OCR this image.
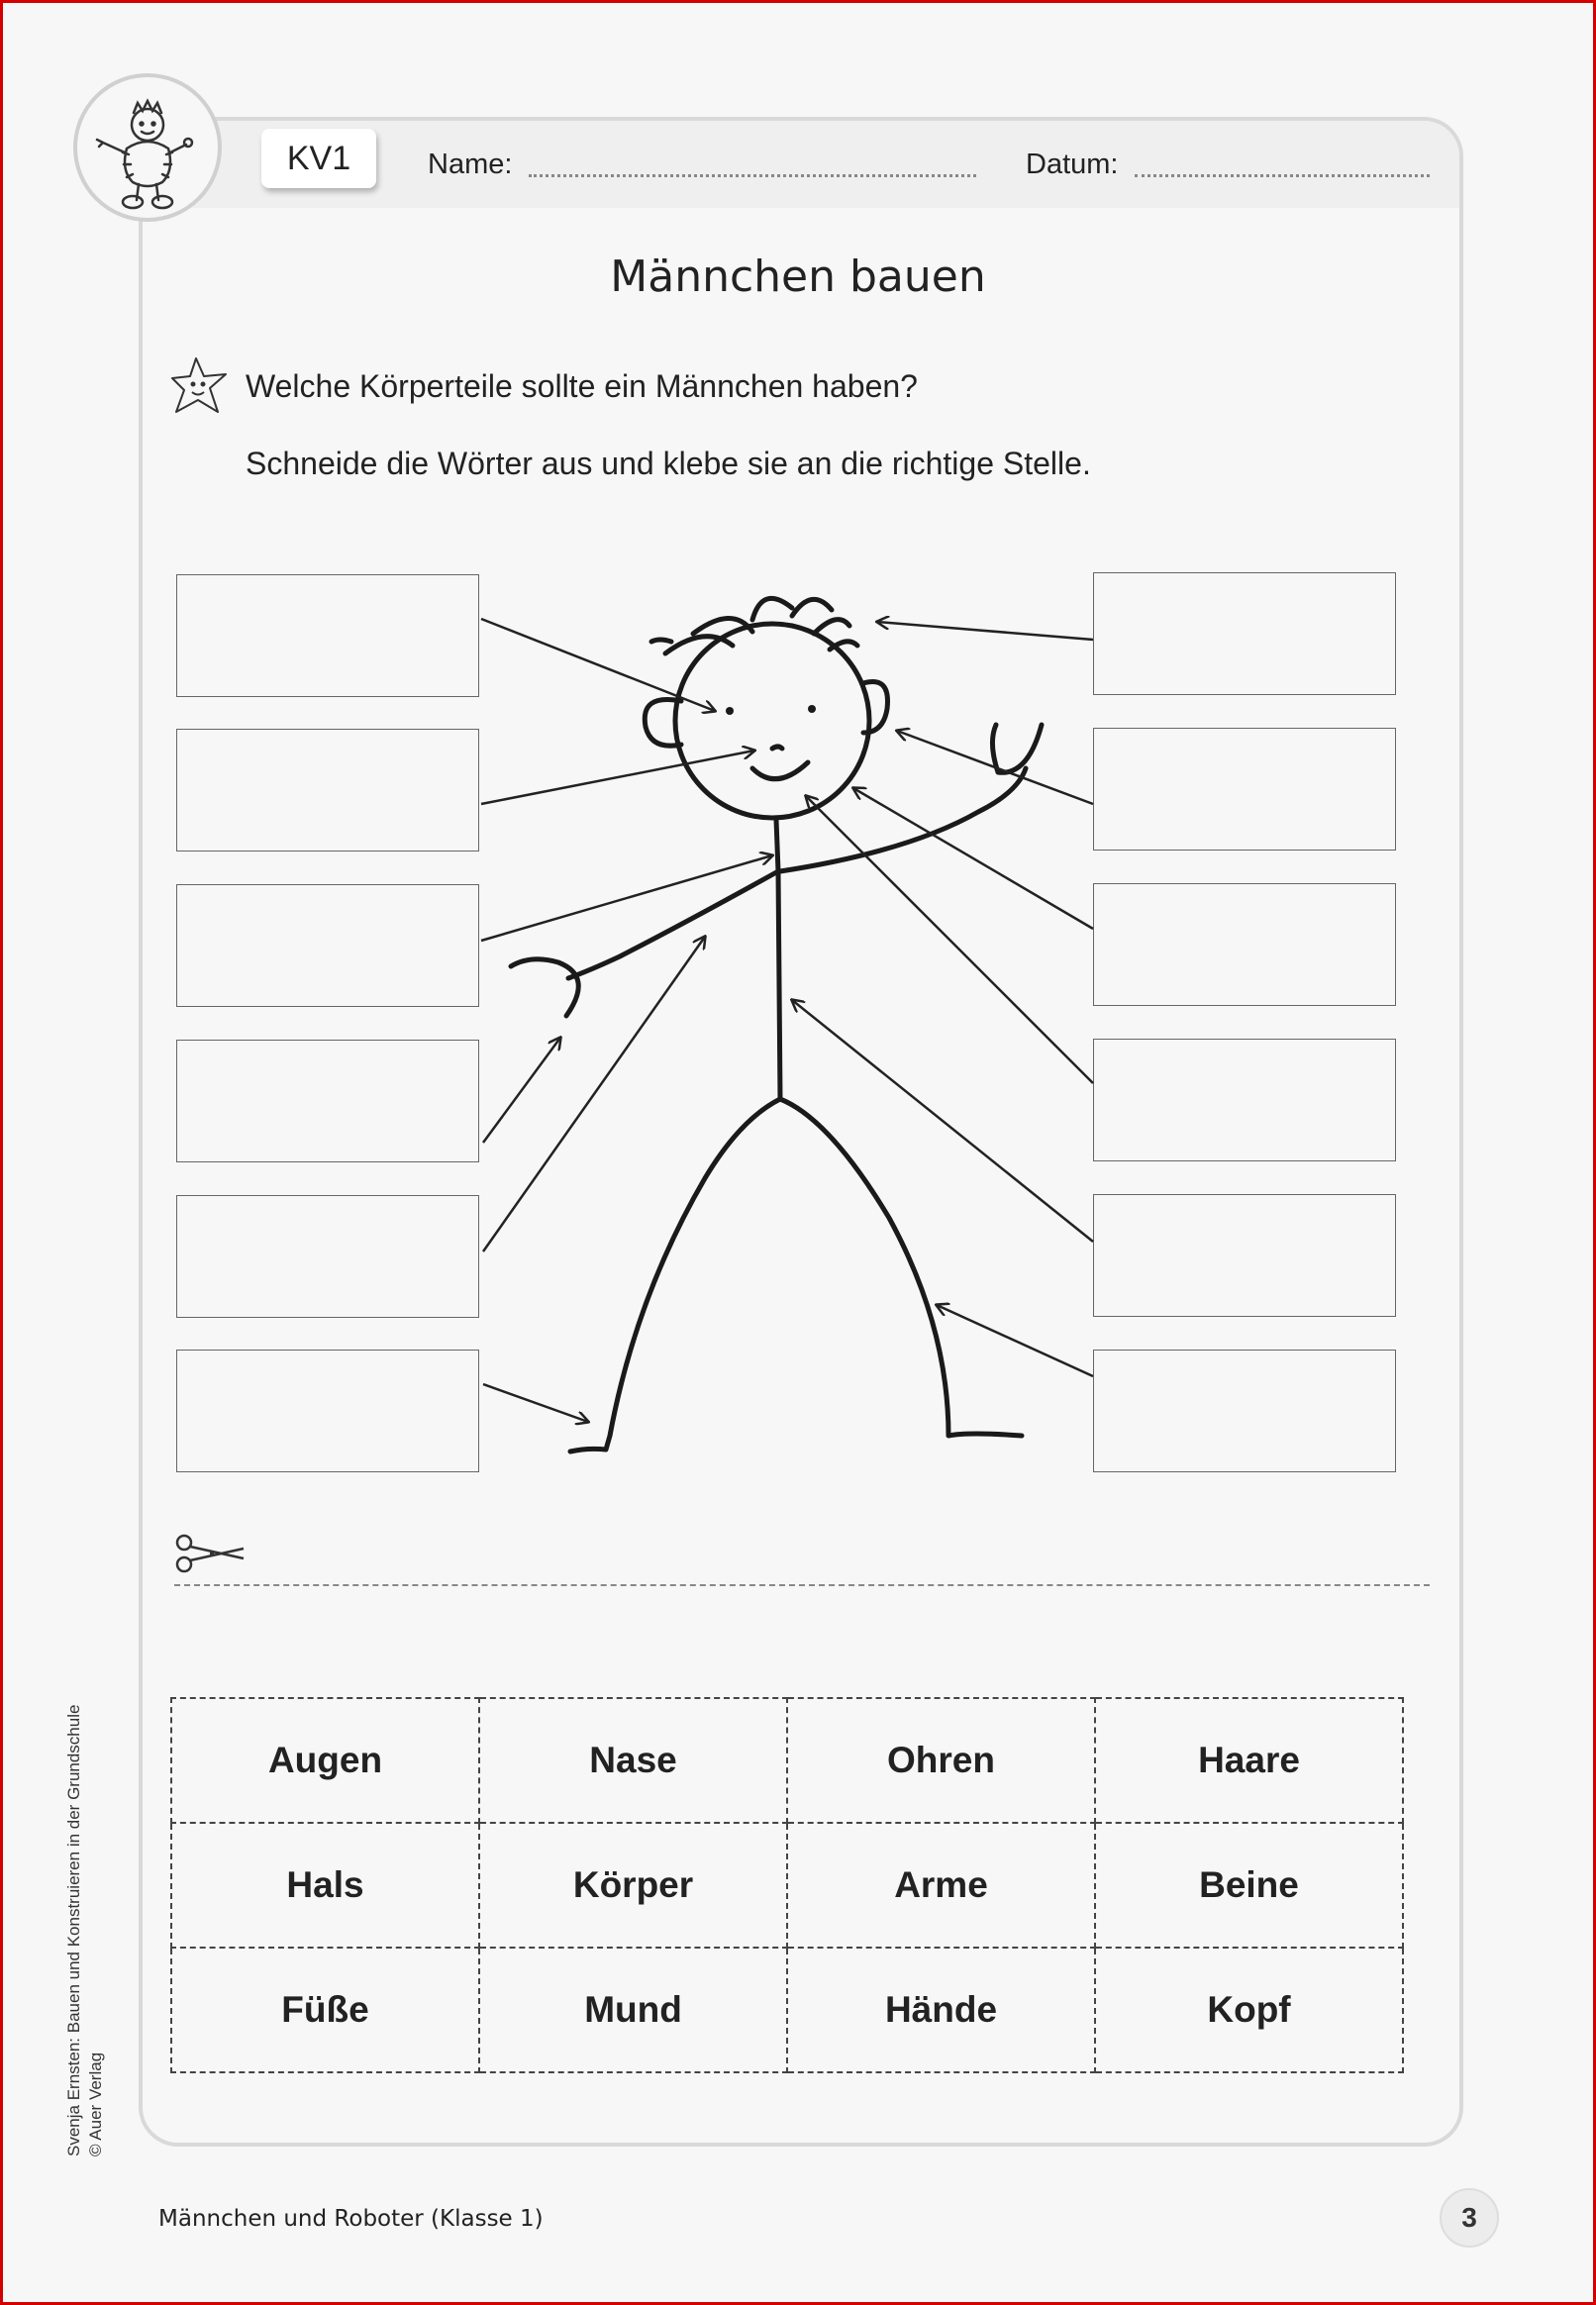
KV1	Name:	Datum:
Männchen bauen
Welche Körperteile sollte ein Männchen haben?
Schneide die Wörter aus und klebe sie an die richtige Stelle.
Augen	Nase	Ohren	Haare
Hals	Körper	Arme	Beine
Füße	Mund	Hände	Kopf
Svenja Ernsten: Bauen und Konstruieren in der Grundschule © Auer Verlag
Männchen und Roboter (Klasse 1)	3
